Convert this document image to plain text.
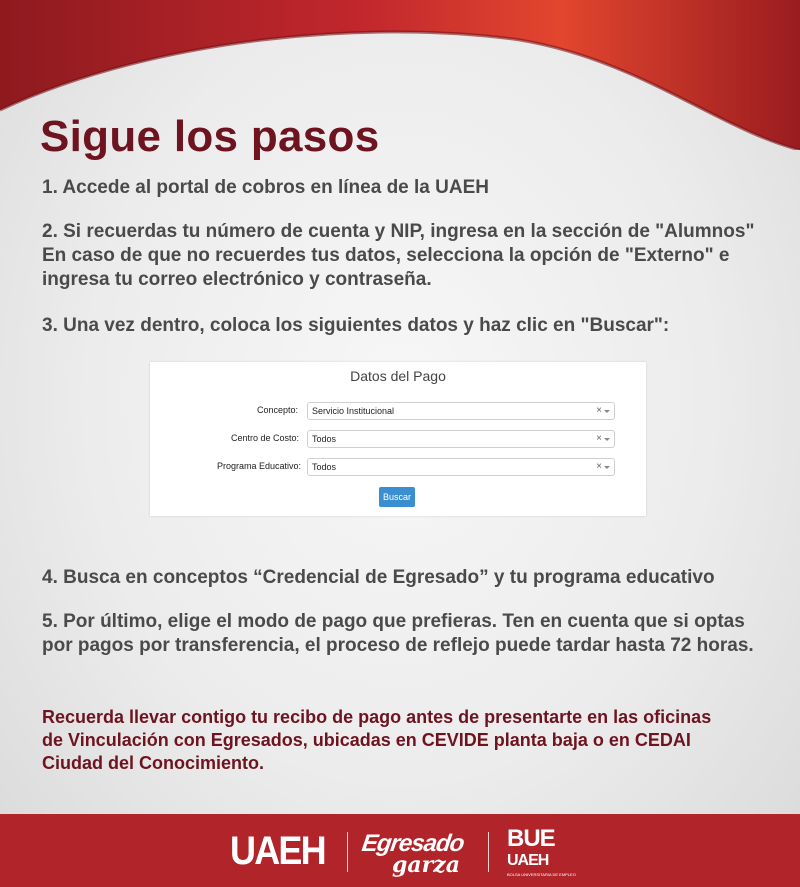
Sigue los pasos

1. Accede al portal de cobros en línea de la UAEH

2. Si recuerdas tu número de cuenta y NIP, ingresa en la sección de "Alumnos"
En caso de que no recuerdes tus datos, selecciona la opción de "Externo" e
ingresa tu correo electrónico y contraseña.

3. Una vez dentro, coloca los siguientes datos y haz clic en "Buscar":

Datos del Pago
Concepto: Servicio Institucional	×
Centro de Costo: Todos	×
Programa Educativo: Todos	×
Buscar

4. Busca en conceptos “Credencial de Egresado” y tu programa educativo

5. Por último, elige el modo de pago que prefieras. Ten en cuenta que si optas
por pagos por transferencia, el proceso de reflejo puede tardar hasta 72 horas.

Recuerda llevar contigo tu recibo de pago antes de presentarte en las oficinas
de Vinculación con Egresados, ubicadas en CEVIDE planta baja o en CEDAI
Ciudad del Conocimiento.

UAEH Egresado
garza
BUE
UAEH
BOLSA UNIVERSITARIA DE EMPLEO
